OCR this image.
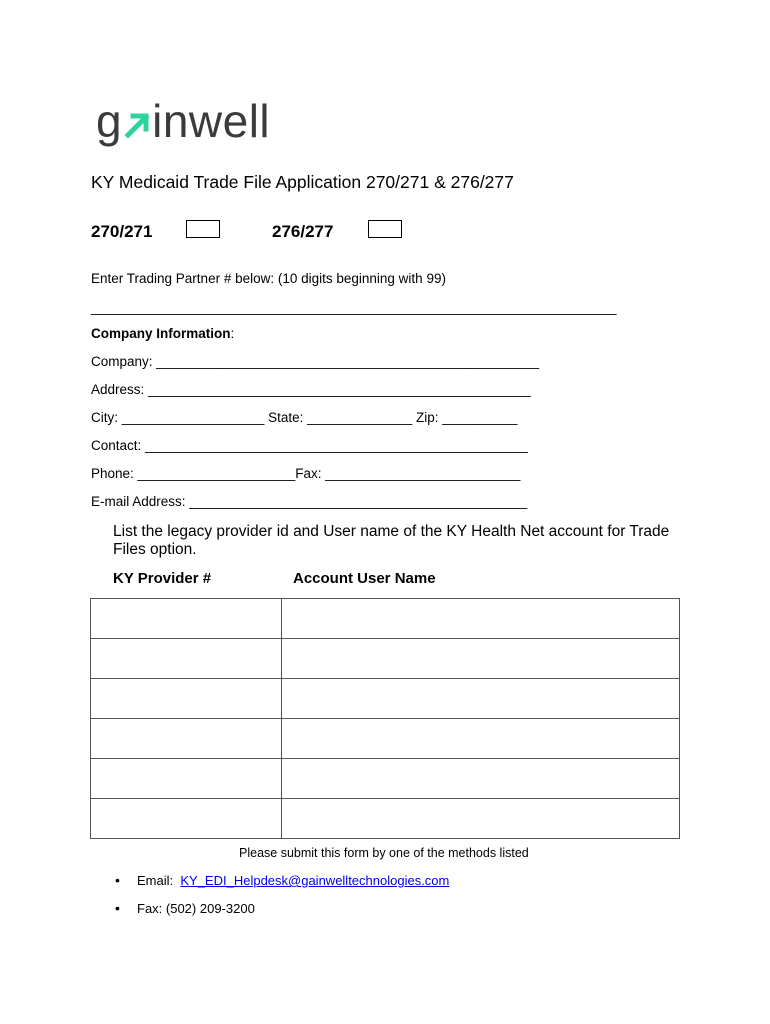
g inwell
KY Medicaid Trade File Application 270/271 & 276/277
270/271	276/277
Enter Trading Partner # below: (10 digits beginning with 99)
______________________________________________________________________
Company Information:
Company: ___________________________________________________
Address: ___________________________________________________
City: ___________________ State: ______________ Zip: __________
Contact: ___________________________________________________
Phone: _____________________Fax: __________________________
E-mail Address: _____________________________________________
List the legacy provider id and User name of the KY Health Net account for Trade
Files option.
KY Provider #	Account User Name

Please submit this form by one of the methods listed
• Email: KY_EDI_Helpdesk@gainwelltechnologies.com
• Fax: (502) 209-3200
